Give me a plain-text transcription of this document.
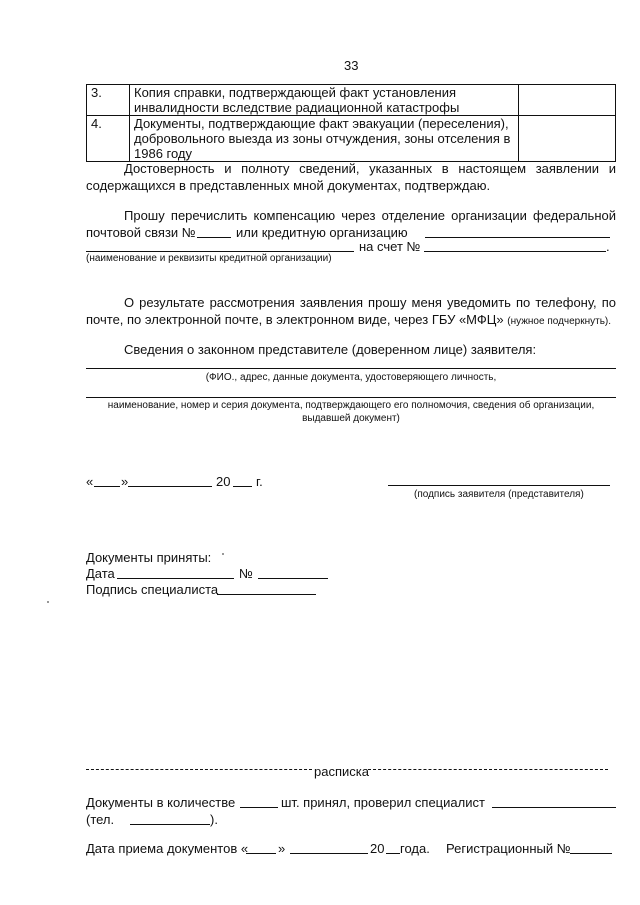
33
3.	Копия справки, подтверждающей факт установления
инвалидности вследствие радиационной катастрофы	

4.	Документы, подтверждающие факт эвакуации (переселения),
добровольного выезда из зоны отчуждения, зоны отселения в
1986 году	

Достоверность и полноту сведений, указанных в настоящем заявлении и
содержащихся в представленных мной документах, подтверждаю.
Прошу перечислить компенсацию через отделение организации федеральной
почтовой связи №	или кредитную организацию
на счет №	.
(наименование и реквизиты кредитной организации)
О результате рассмотрения заявления прошу меня уведомить по телефону, по
почте, по электронной почте, в электронном виде, через ГБУ «МФЦ» (нужное подчеркнуть).
Сведения о законном представителе (доверенном лице) заявителя:
(ФИО., адрес, данные документа, удостоверяющего личность,
наименование, номер и серия документа, подтверждающего его полномочия, сведения об организации,
выдавшей документ)
« »	20 г.
(подпись заявителя (представителя)
Документы приняты:
Дата	№
Подпись специалиста
расписка
Документы в количестве	шт. принял, проверил специалист
(тел.	).
Дата приема документов « »	20 года. Регистрационный №
